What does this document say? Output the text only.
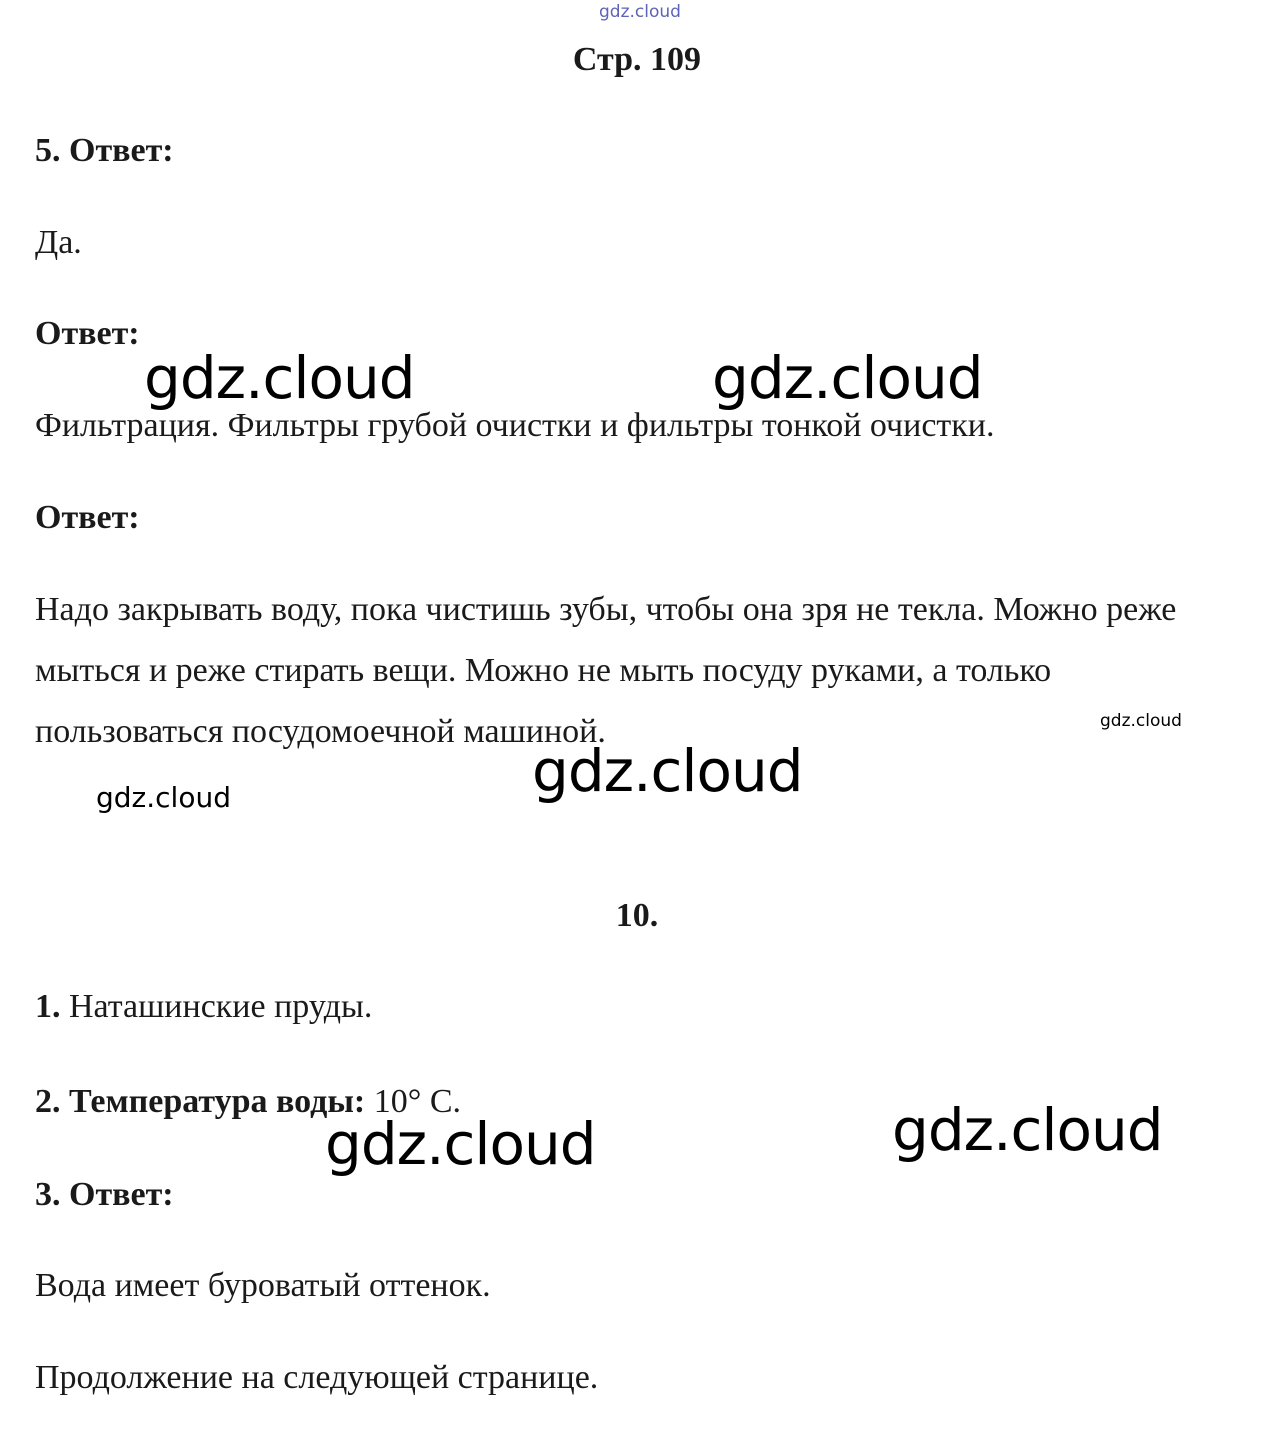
gdz.cloud
Стр. 109
5. Ответ:
Да.
Ответ:
Фильтрация. Фильтры грубой очистки и фильтры тонкой очистки.
Ответ:
Надо закрывать воду, пока чистишь зубы, чтобы она зря не текла. Можно реже мыться и реже стирать вещи. Можно не мыть посуду руками, а только пользоваться посудомоечной машиной.
10.
1. Наташинские пруды.
2. Температура воды: 10° С.
3. Ответ:
Вода имеет буроватый оттенок.
Продолжение на следующей странице.
gdz.cloud	gdz.cloud
gdz.cloud
gdz.cloud
gdz.cloud
gdz.cloud
gdz.cloud
